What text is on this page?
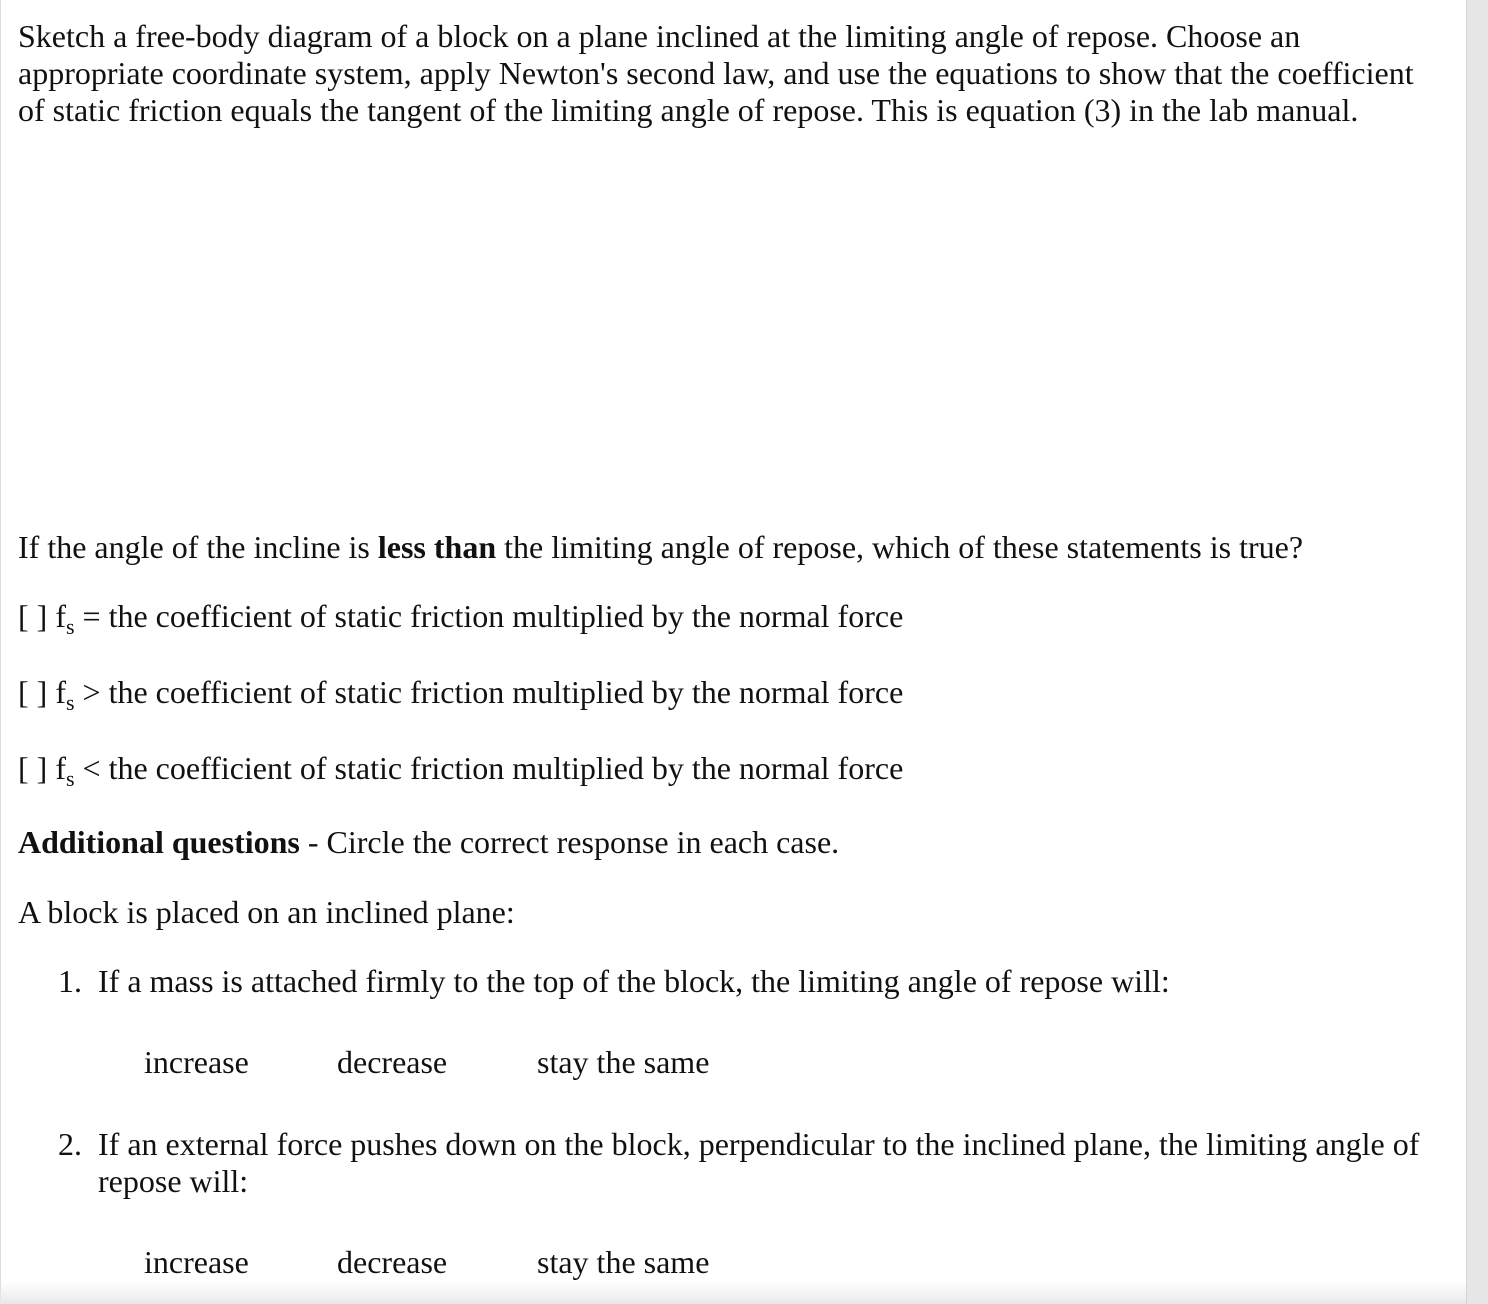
Sketch a free-body diagram of a block on a plane inclined at the limiting angle of repose. Choose an
appropriate coordinate system, apply Newton's second law, and use the equations to show that the coefficient
of static friction equals the tangent of the limiting angle of repose. This is equation (3) in the lab manual.
If the angle of the incline is less than the limiting angle of repose, which of these statements is true?
[ ] $f_s$ = the coefficient of static friction multiplied by the normal force
[ ] $f_s$ > the coefficient of static friction multiplied by the normal force
[ ] $f_s$ < the coefficient of static friction multiplied by the normal force
Additional questions - Circle the correct response in each case.
A block is placed on an inclined plane:
1. If a mass is attached firmly to the top of the block, the limiting angle of repose will:
increase	decrease	stay the same
2. If an external force pushes down on the block, perpendicular to the inclined plane, the limiting angle of
repose will:
increase	decrease	stay the same
